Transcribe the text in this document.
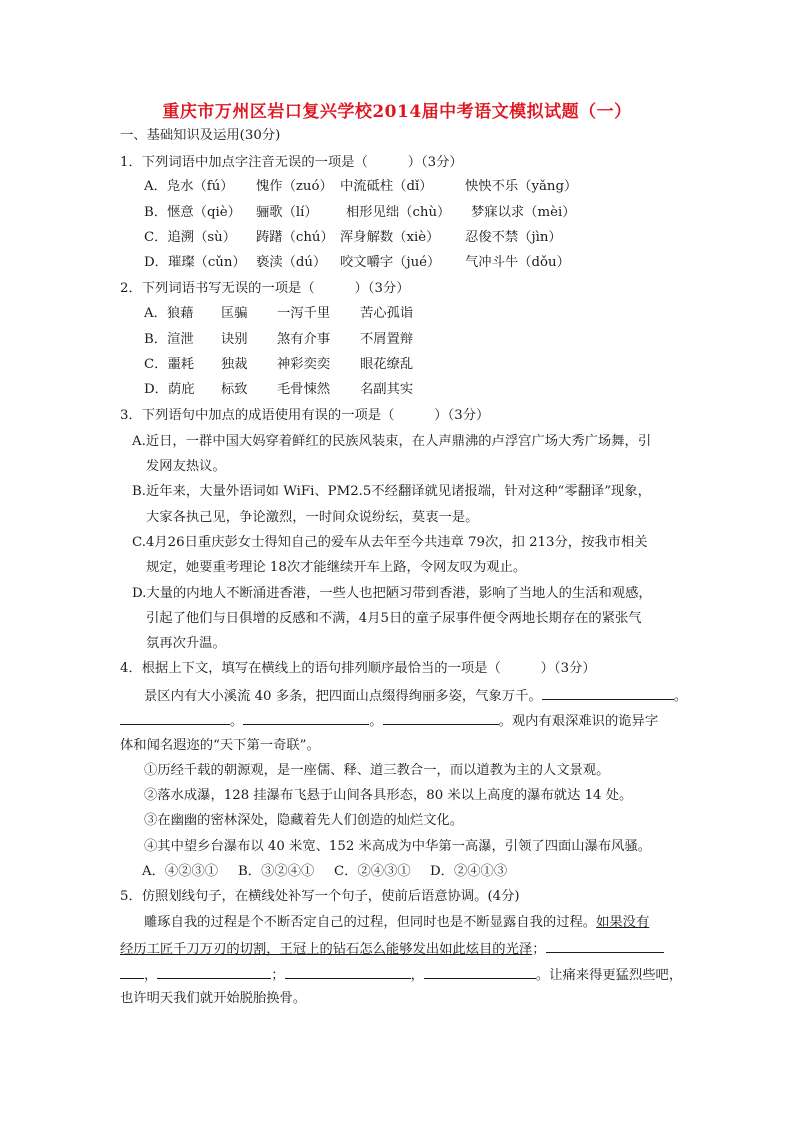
重庆市万州区岩口复兴学校2014届中考语文模拟试题（一）
一、基础知识及运用(30分)
1．下列词语中加点字注音无误的一项是（　　　）（3分）
A．凫水（fú） 愧作（zuó） 中流砥柱（dǐ） 怏怏不乐（yǎng）
B．惬意（qiè） 骊歌（lí） 相形见绌（chù） 梦寐以求（mèi）
C．追溯（sù） 踌躇（chú） 浑身解数（xiè） 忍俊不禁（jìn）
D．璀璨（cǔn） 亵渎（dú） 咬文嚼字（jué） 气冲斗牛（dǒu）
2．下列词语书写无误的一项是（　　　）（3分）
A．狼藉 匡骗 一泻千里 苦心孤诣
B．渲泄 诀别 煞有介事 不屑置辩
C．噩耗 独裁 神彩奕奕 眼花缭乱
D．荫庇 标致 毛骨悚然 名副其实
3．下列语句中加点的成语使用有误的一项是（　　　）（3分）
A.近日，一群中国大妈穿着鲜红的民族风装束，在人声鼎沸的卢浮宫广场大秀广场舞，引
发网友热议。
B.近年来，大量外语词如 WiFi、PM2.5不经翻译就见诸报端，针对这种“零翻译”现象，
大家各执己见，争论激烈，一时间众说纷纭，莫衷一是。
C.4月26日重庆彭女士得知自己的爱车从去年至今共违章 79次，扣 213分，按我市相关
规定，她要重考理论 18次才能继续开车上路，令网友叹为观止。
D.大量的内地人不断涌进香港，一些人也把陋习带到香港，影响了当地人的生活和观感，
引起了他们与日俱增的反感和不满，4月5日的童子尿事件便令两地长期存在的紧张气
氛再次升温。
4．根据上下文，填写在横线上的语句排列顺序最恰当的一项是（　　　）（3分）
景区内有大小溪流 40 多条，把四面山点缀得绚丽多姿，气象万千。	。
。	。	。观内有艰深难识的诡异字
体和闻名遐迩的“天下第一奇联”。
①历经千载的朝源观，是一座儒、释、道三教合一，而以道教为主的人文景观。
②落水成瀑，128 挂瀑布飞悬于山间各具形态，80 米以上高度的瀑布就达 14 处。
③在幽幽的密林深处，隐藏着先人们创造的灿烂文化。
④其中望乡台瀑布以 40 米宽、152 米高成为中华第一高瀑，引领了四面山瀑布风骚。
A．④②③① B．③②④① C．②④③① D．②④①③
5．仿照划线句子，在横线处补写一个句子，使前后语意协调。(4分)
雕琢自我的过程是个不断否定自己的过程，但同时也是不断显露自我的过程。如果没有
经历工匠千刀万刃的切割，王冠上的钻石怎么能够发出如此炫目的光泽；
，	；	，	。让痛来得更猛烈些吧，
也许明天我们就开始脱胎换骨。
